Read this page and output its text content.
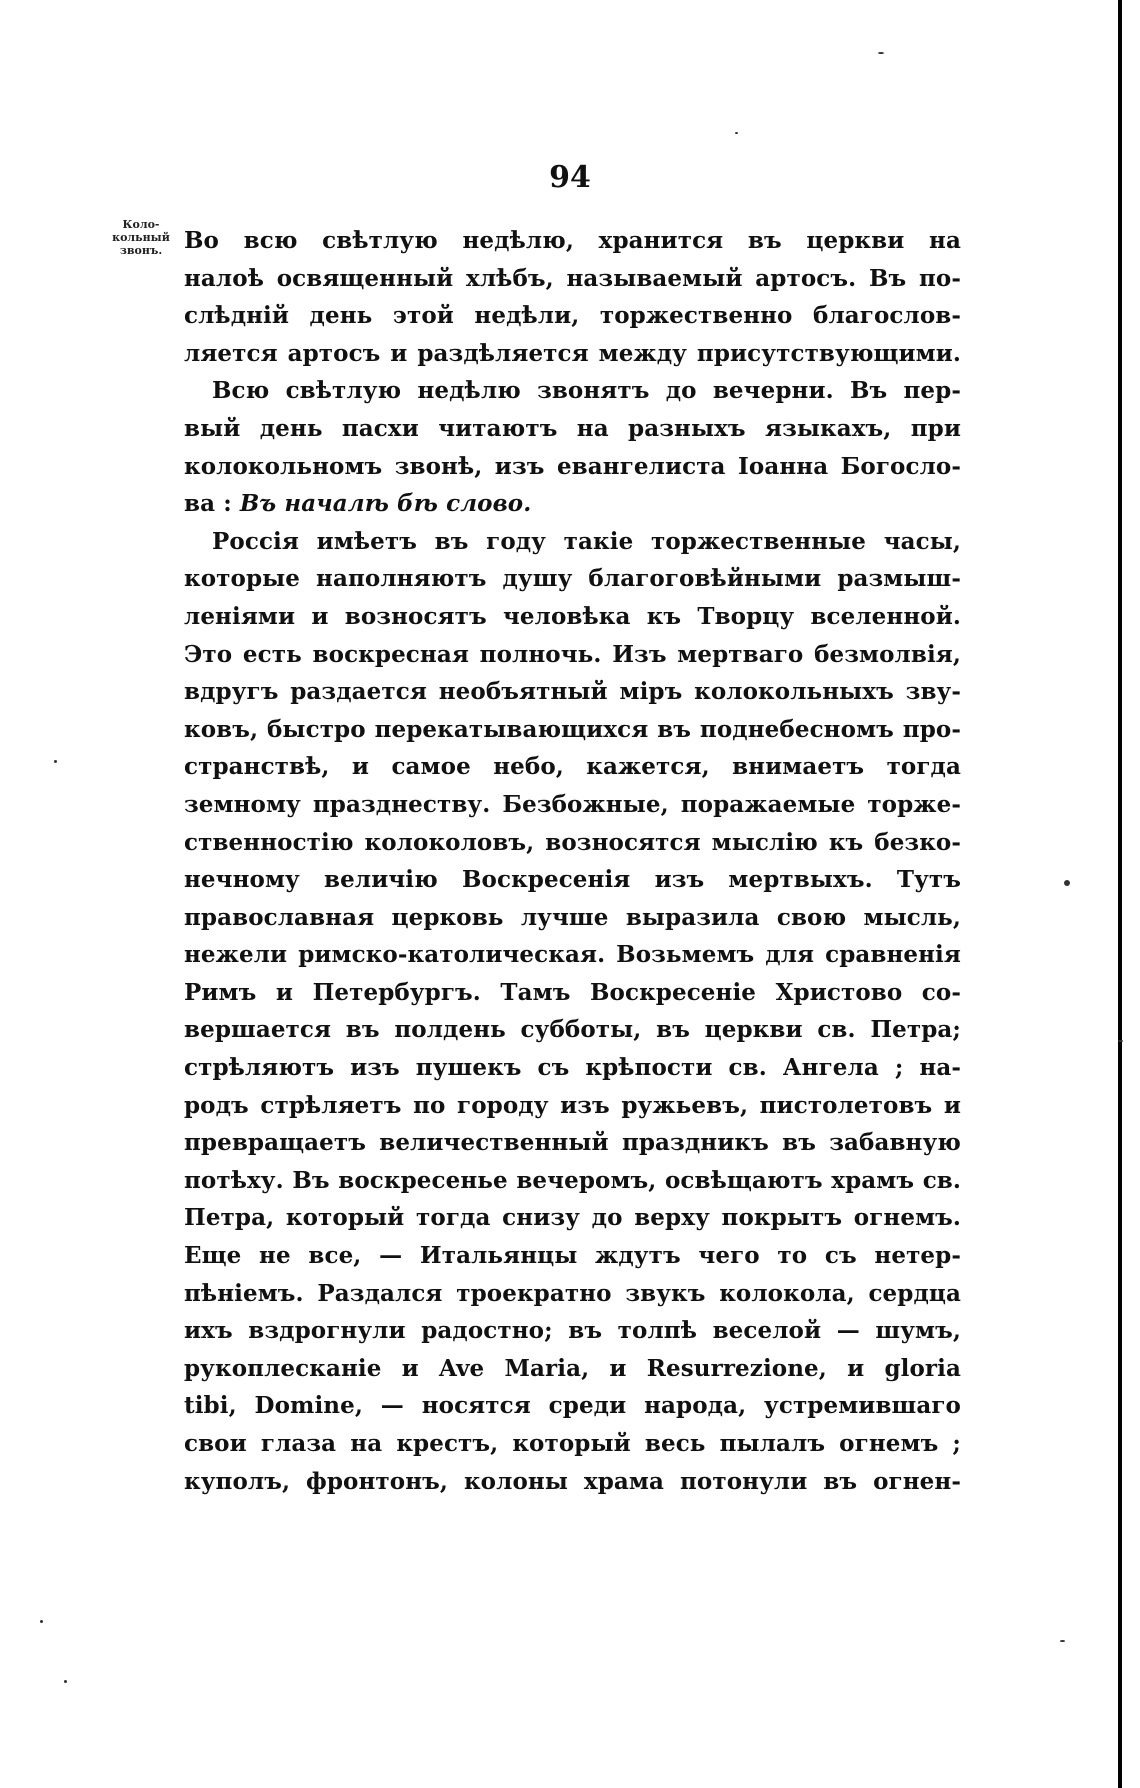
94
Коло-
кольный
звонъ. Во всю свѣтлую недѣлю, хранится въ церкви на
налоѣ освященный хлѣбъ, называемый артосъ. Въ по-
слѣдній день этой недѣли, торжественно благослов-
ляется артосъ и раздѣляется между присутствующими.
Всю свѣтлую недѣлю звонятъ до вечерни. Въ пер-
вый день пасхи читаютъ на разныхъ языкахъ, при
колокольномъ звонѣ, изъ евангелиста Іоанна Богосло-
ва : Въ началѣ бѣ слово.
Россія имѣетъ въ году такіе торжественные часы,
которые наполняютъ душу благоговѣйными размыш-
леніями и возносятъ человѣка къ Творцу вселенной.
Это есть воскресная полночь. Изъ мертваго безмолвія,
вдругъ раздается необъятный міръ колокольныхъ зву-
ковъ, быстро перекатывающихся въ поднебесномъ про-
странствѣ, и самое небо, кажется, внимаетъ тогда
земному празднеству. Безбожные, поражаемые торже-
ственностію колоколовъ, возносятся мыслію къ безко-
нечному величію Воскресенія изъ мертвыхъ. Тутъ
православная церковь лучше выразила свою мысль,
нежели римско-католическая. Возьмемъ для сравненія
Римъ и Петербургъ. Тамъ Воскресеніе Христово со-
вершается въ полдень субботы, въ церкви св. Петра;
стрѣляютъ изъ пушекъ съ крѣпости св. Ангела ; на-
родъ стрѣляетъ по городу изъ ружьевъ, пистолетовъ и
превращаетъ величественный праздникъ въ забавную
потѣху. Въ воскресенье вечеромъ, освѣщаютъ храмъ св.
Петра, который тогда снизу до верху покрытъ огнемъ.
Еще не все, — Итальянцы ждутъ чего то съ нетер-
пѣніемъ. Раздался троекратно звукъ колокола, сердца
ихъ вздрогнули радостно; въ толпѣ веселой — шумъ,
рукоплесканіе и Ave Maria, и Resurrezione, и gloria
tibi, Domine, — носятся среди народа, устремившаго
свои глаза на крестъ, который весь пылалъ огнемъ ;
куполъ, фронтонъ, колоны храма потонули въ огнен-
